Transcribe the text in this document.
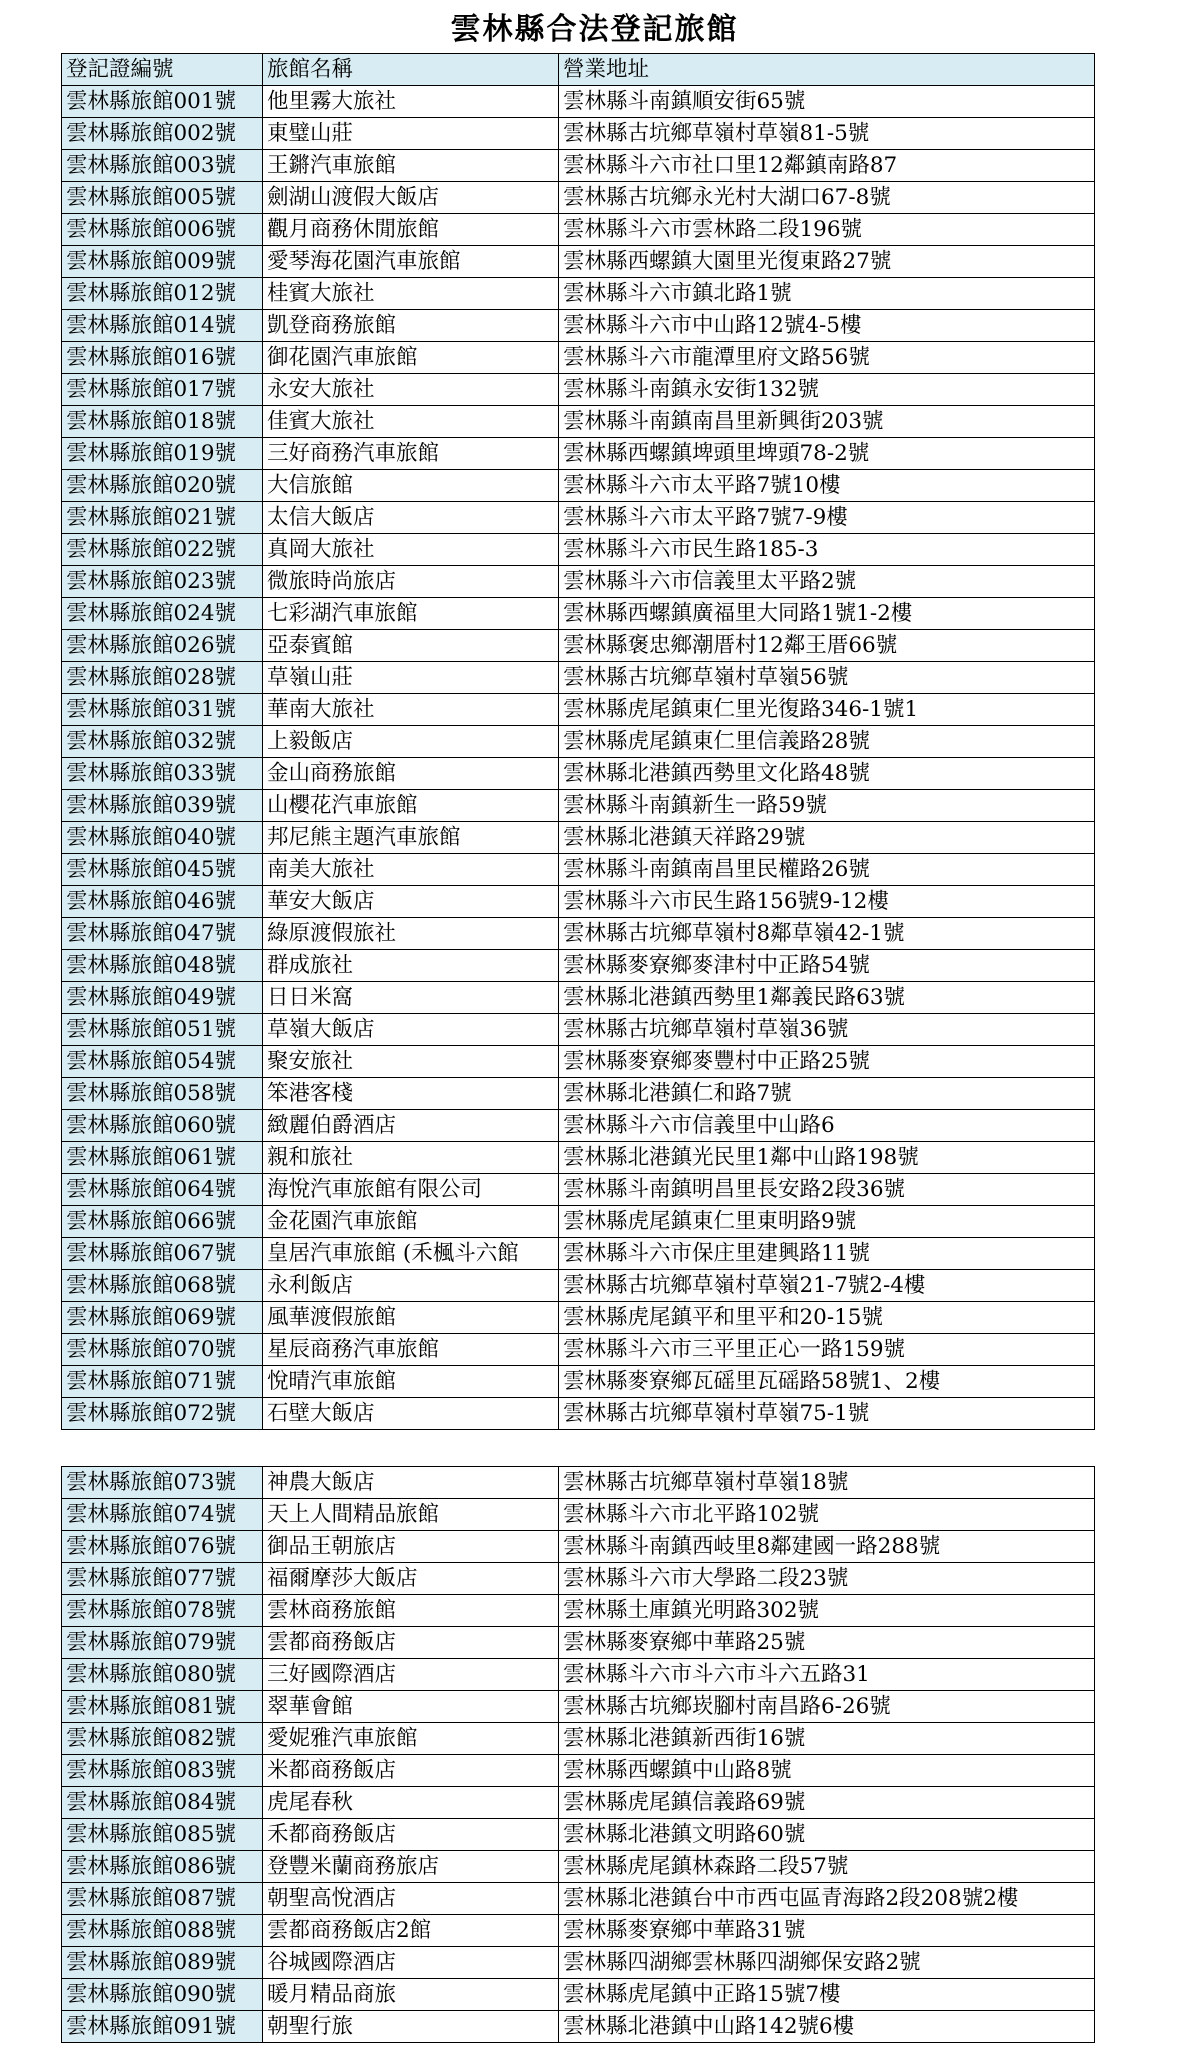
雲林縣合法登記旅館
登記證編號	旅館名稱	營業地址
雲林縣旅館001號	他里霧大旅社	雲林縣斗南鎮順安街65號
雲林縣旅館002號	東璧山莊	雲林縣古坑鄉草嶺村草嶺81-5號
雲林縣旅館003號	王鏘汽車旅館	雲林縣斗六市社口里12鄰鎮南路87
雲林縣旅館005號	劍湖山渡假大飯店	雲林縣古坑鄉永光村大湖口67-8號
雲林縣旅館006號	觀月商務休閒旅館	雲林縣斗六市雲林路二段196號
雲林縣旅館009號	愛琴海花園汽車旅館	雲林縣西螺鎮大園里光復東路27號
雲林縣旅館012號	桂賓大旅社	雲林縣斗六市鎮北路1號
雲林縣旅館014號	凱登商務旅館	雲林縣斗六市中山路12號4-5樓
雲林縣旅館016號	御花園汽車旅館	雲林縣斗六市龍潭里府文路56號
雲林縣旅館017號	永安大旅社	雲林縣斗南鎮永安街132號
雲林縣旅館018號	佳賓大旅社	雲林縣斗南鎮南昌里新興街203號
雲林縣旅館019號	三好商務汽車旅館	雲林縣西螺鎮埤頭里埤頭78-2號
雲林縣旅館020號	大信旅館	雲林縣斗六市太平路7號10樓
雲林縣旅館021號	太信大飯店	雲林縣斗六市太平路7號7-9樓
雲林縣旅館022號	真岡大旅社	雲林縣斗六市民生路185-3
雲林縣旅館023號	微旅時尚旅店	雲林縣斗六市信義里太平路2號
雲林縣旅館024號	七彩湖汽車旅館	雲林縣西螺鎮廣福里大同路1號1-2樓
雲林縣旅館026號	亞泰賓館	雲林縣褒忠鄉潮厝村12鄰王厝66號
雲林縣旅館028號	草嶺山莊	雲林縣古坑鄉草嶺村草嶺56號
雲林縣旅館031號	華南大旅社	雲林縣虎尾鎮東仁里光復路346-1號1
雲林縣旅館032號	上毅飯店	雲林縣虎尾鎮東仁里信義路28號
雲林縣旅館033號	金山商務旅館	雲林縣北港鎮西勢里文化路48號
雲林縣旅館039號	山櫻花汽車旅館	雲林縣斗南鎮新生一路59號
雲林縣旅館040號	邦尼熊主題汽車旅館	雲林縣北港鎮天祥路29號
雲林縣旅館045號	南美大旅社	雲林縣斗南鎮南昌里民權路26號
雲林縣旅館046號	華安大飯店	雲林縣斗六市民生路156號9-12樓
雲林縣旅館047號	綠原渡假旅社	雲林縣古坑鄉草嶺村8鄰草嶺42-1號
雲林縣旅館048號	群成旅社	雲林縣麥寮鄉麥津村中正路54號
雲林縣旅館049號	日日米窩	雲林縣北港鎮西勢里1鄰義民路63號
雲林縣旅館051號	草嶺大飯店	雲林縣古坑鄉草嶺村草嶺36號
雲林縣旅館054號	聚安旅社	雲林縣麥寮鄉麥豐村中正路25號
雲林縣旅館058號	笨港客棧	雲林縣北港鎮仁和路7號
雲林縣旅館060號	緻麗伯爵酒店	雲林縣斗六市信義里中山路6
雲林縣旅館061號	親和旅社	雲林縣北港鎮光民里1鄰中山路198號
雲林縣旅館064號	海悅汽車旅館有限公司	雲林縣斗南鎮明昌里長安路2段36號
雲林縣旅館066號	金花園汽車旅館	雲林縣虎尾鎮東仁里東明路9號
雲林縣旅館067號	皇居汽車旅館 (禾楓斗六館	雲林縣斗六市保庄里建興路11號
雲林縣旅館068號	永利飯店	雲林縣古坑鄉草嶺村草嶺21-7號2-4樓
雲林縣旅館069號	風華渡假旅館	雲林縣虎尾鎮平和里平和20-15號
雲林縣旅館070號	星辰商務汽車旅館	雲林縣斗六市三平里正心一路159號
雲林縣旅館071號	悅晴汽車旅館	雲林縣麥寮鄉瓦磘里瓦磘路58號1、2樓
雲林縣旅館072號	石壁大飯店	雲林縣古坑鄉草嶺村草嶺75-1號
雲林縣旅館073號	神農大飯店	雲林縣古坑鄉草嶺村草嶺18號
雲林縣旅館074號	天上人間精品旅館	雲林縣斗六市北平路102號
雲林縣旅館076號	御品王朝旅店	雲林縣斗南鎮西岐里8鄰建國一路288號
雲林縣旅館077號	福爾摩莎大飯店	雲林縣斗六市大學路二段23號
雲林縣旅館078號	雲林商務旅館	雲林縣土庫鎮光明路302號
雲林縣旅館079號	雲都商務飯店	雲林縣麥寮鄉中華路25號
雲林縣旅館080號	三好國際酒店	雲林縣斗六市斗六市斗六五路31
雲林縣旅館081號	翠華會館	雲林縣古坑鄉崁腳村南昌路6-26號
雲林縣旅館082號	愛妮雅汽車旅館	雲林縣北港鎮新西街16號
雲林縣旅館083號	米都商務飯店	雲林縣西螺鎮中山路8號
雲林縣旅館084號	虎尾春秋	雲林縣虎尾鎮信義路69號
雲林縣旅館085號	禾都商務飯店	雲林縣北港鎮文明路60號
雲林縣旅館086號	登豐米蘭商務旅店	雲林縣虎尾鎮林森路二段57號
雲林縣旅館087號	朝聖高悅酒店	雲林縣北港鎮台中市西屯區青海路2段208號2樓
雲林縣旅館088號	雲都商務飯店2館	雲林縣麥寮鄉中華路31號
雲林縣旅館089號	谷城國際酒店	雲林縣四湖鄉雲林縣四湖鄉保安路2號
雲林縣旅館090號	暖月精品商旅	雲林縣虎尾鎮中正路15號7樓
雲林縣旅館091號	朝聖行旅	雲林縣北港鎮中山路142號6樓
